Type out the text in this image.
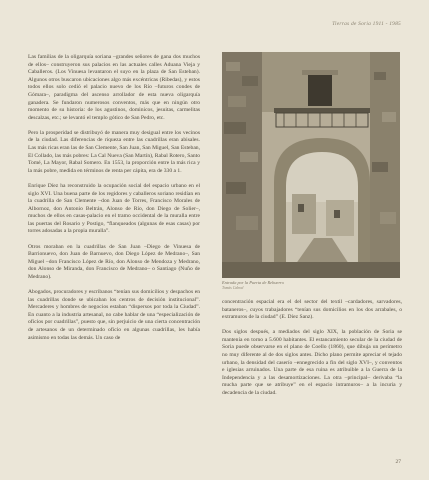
Tierras de Soria 1911 - 1985

Las familias de la oligarquía soriana –grandes señores de gana dos muchos de ellos– construyeron sus palacios en las actuales calles Aduana Vieja y Caballeros. (Los Vinuesa levantaron el suyo en la plaza de San Esteban). Algunos otros buscaron ubicaciones algo más excéntricas (Ribedas), y estos todos ellos solo cedió el palacio nuevo de los Río –futuros condes de Gómara–, paradigma del ascenso arrollador de esta nueva oligarquía ganadera. Se fundaron numerosos conventos, más que en ningún otro momento de su historia: de los agustinos, dominicos, jesuitas, carmelitas descalzas, etc.; se levantó el templo gótico de San Pedro, etc.

Pero la prosperidad se distribuyó de manera muy desigual entre los vecinos de la ciudad. Las diferencias de riqueza entre las cuadrillas eran abisales. Las más ricas eran las de San Clemente, San Juan, San Miguel, San Esteban, El Collado, las más pobres: La Cal Nueva (San Martín), Rabal Rotero, Santo Tomé, La Mayor, Rabal Somero. En 1553, la proporción entre la más rica y la más pobre, medida en términos de renta per cápita, era de 330 a 1.

Enrique Díez ha reconstruido la ocupación social del espacio urbano en el siglo XVI. Una buena parte de los regidores y caballeros soriano residían en la cuadrilla de San Clemente –don Juan de Torres, Francisco Morales de Albornoz, don Antonio Beltrán, Alonso de Río, don Diego de Solier–, muchos de ellos en casas-palacio en el tramo occidental de la muralla entre las puertas del Rosario y Postigo, “flanqueados (algunas de esas casas) por torres adosadas a la propia muralla”.

Otros moraban en la cuadrillas de San Juan –Diego de Vinuesa de Barrionuevo, don Juan de Barnuevo, don Diego López de Medrano–, San Miguel –don Francisco López de Río, don Alonso de Mendoza y Medrano, don Alonso de Miranda, don Francisco de Medrano– o Santiago (Nuño de Medrano).

Abogados, procuradores y escribanos “tenían sus domicilios y despachos en las cuadrillas donde se ubicaban los centros de decisión institucional”. Mercaderes y hombres de negocios estaban “dispersos por toda la Ciudad”. En cuanto a la industria artesanal, no cabe hablar de una “especialización de oficios por cuadrillas”, puesto que, sin perjuicio de una cierta concentración de artesanos de un determinado oficio en algunas cuadrillas, les había asimismo en todas las demás. Un caso de

Entrada por la Puerta de Rebuerro
Tomás Cabral

concentración espacial era el del sector del textil –cardadores, sarvadores, bataneros–, cuyos trabajadores “tenían sus domicilios en los dos arrabales, o extramuros de la ciudad” (E. Díez Sanz).

Dos siglos después, a mediados del siglo XIX, la población de Soria se mantenía en torno a 5.600 habitantes. El estancamiento secular de la ciudad de Soria puede observarse en el plano de Coello (1860), que dibuja un perímetro no muy diferente al de dos siglos antes. Dicho plano permite apreciar el tejado urbano, la densidad del caserío –ennegrecido a fin del siglo XVI–, y conventos e iglesias arruinados. Una parte de esa ruina es atribuible a la Guerra de la Independencia y a las desamortizaciones. La otra –principal– derivaba “la mucha parte que se atribuye” en el espacio intramuros– a la incuria y decadencia de la ciudad.

27
